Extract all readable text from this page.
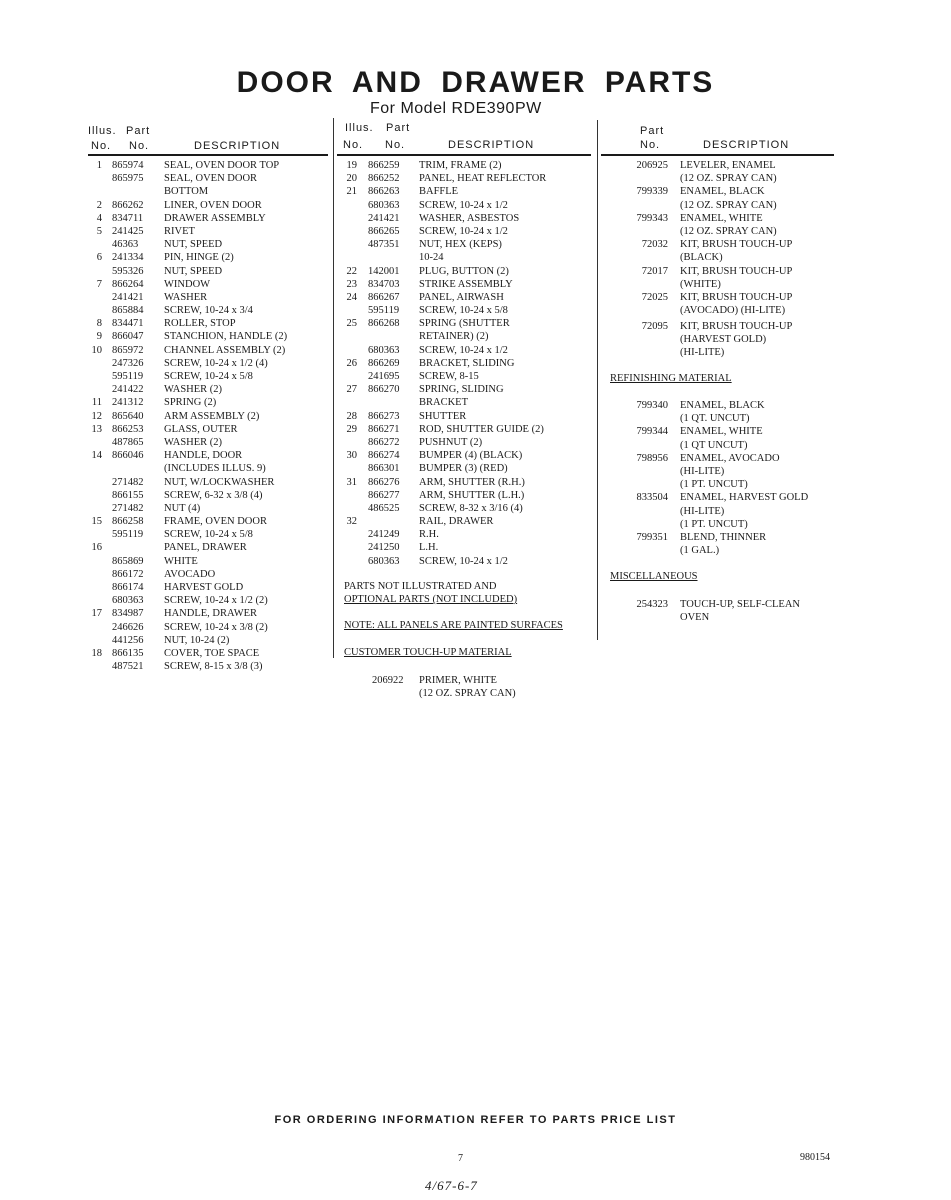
DOOR AND DRAWER PARTS
For Model RDE390PW
Illus. Part
No. No.	DESCRIPTION
Illus. Part
No. No.	DESCRIPTION
Part
No.	DESCRIPTION
1 865974 SEAL, OVEN DOOR TOP
865975 SEAL, OVEN DOOR
BOTTOM
2 866262 LINER, OVEN DOOR
4 834711 DRAWER ASSEMBLY
5 241425 RIVET
46363 NUT, SPEED
6 241334 PIN, HINGE (2)
595326 NUT, SPEED
7 866264 WINDOW
241421 WASHER
865884 SCREW, 10-24 x 3/4
8 834471 ROLLER, STOP
9 866047 STANCHION, HANDLE (2)
10 865972 CHANNEL ASSEMBLY (2)
247326 SCREW, 10-24 x 1/2 (4)
595119 SCREW, 10-24 x 5/8
241422 WASHER (2)
11 241312 SPRING (2)
12 865640 ARM ASSEMBLY (2)
13 866253 GLASS, OUTER
487865 WASHER (2)
14 866046 HANDLE, DOOR
(INCLUDES ILLUS. 9)
271482 NUT, W/LOCKWASHER
866155 SCREW, 6-32 x 3/8 (4)
271482 NUT (4)
15 866258 FRAME, OVEN DOOR
595119 SCREW, 10-24 x 5/8
16	PANEL, DRAWER
865869 WHITE
866172 AVOCADO
866174 HARVEST GOLD
680363 SCREW, 10-24 x 1/2 (2)
17 834987 HANDLE, DRAWER
246626 SCREW, 10-24 x 3/8 (2)
441256 NUT, 10-24 (2)
18 866135 COVER, TOE SPACE
487521 SCREW, 8-15 x 3/8 (3)
19 866259 TRIM, FRAME (2)
20 866252 PANEL, HEAT REFLECTOR
21 866263 BAFFLE
680363 SCREW, 10-24 x 1/2
241421 WASHER, ASBESTOS
866265 SCREW, 10-24 x 1/2
487351 NUT, HEX (KEPS)
10-24
22 142001 PLUG, BUTTON (2)
23 834703 STRIKE ASSEMBLY
24 866267 PANEL, AIRWASH
595119 SCREW, 10-24 x 5/8
25 866268 SPRING (SHUTTER
RETAINER) (2)
680363 SCREW, 10-24 x 1/2
26 866269 BRACKET, SLIDING
241695 SCREW, 8-15
27 866270 SPRING, SLIDING
BRACKET
28 866273 SHUTTER
29 866271 ROD, SHUTTER GUIDE (2)
866272 PUSHNUT (2)
30 866274 BUMPER (4) (BLACK)
866301 BUMPER (3) (RED)
31 866276 ARM, SHUTTER (R.H.)
866277 ARM, SHUTTER (L.H.)
486525 SCREW, 8-32 x 3/16 (4)
32	RAIL, DRAWER
241249 R.H.
241250 L.H.
680363 SCREW, 10-24 x 1/2
PARTS NOT ILLUSTRATED AND
OPTIONAL PARTS (NOT INCLUDED)
NOTE: ALL PANELS ARE PAINTED SURFACES
CUSTOMER TOUCH-UP MATERIAL
206922 PRIMER, WHITE
(12 OZ. SPRAY CAN)
206925 LEVELER, ENAMEL
(12 OZ. SPRAY CAN)
799339 ENAMEL, BLACK
(12 OZ. SPRAY CAN)
799343 ENAMEL, WHITE
(12 OZ. SPRAY CAN)
72032 KIT, BRUSH TOUCH-UP
(BLACK)
72017 KIT, BRUSH TOUCH-UP
(WHITE)
72025 KIT, BRUSH TOUCH-UP
(AVOCADO) (HI-LITE)
72095 KIT, BRUSH TOUCH-UP
(HARVEST GOLD)
(HI-LITE)
REFINISHING MATERIAL
799340 ENAMEL, BLACK
(1 QT. UNCUT)
799344 ENAMEL, WHITE
(1 QT UNCUT)
798956 ENAMEL, AVOCADO
(HI-LITE)
(1 PT. UNCUT)
833504 ENAMEL, HARVEST GOLD
(HI-LITE)
(1 PT. UNCUT)
799351 BLEND, THINNER
(1 GAL.)
MISCELLANEOUS
254323 TOUCH-UP, SELF-CLEAN
OVEN
FOR ORDERING INFORMATION REFER TO PARTS PRICE LIST
7	980154
4/67-6-7
